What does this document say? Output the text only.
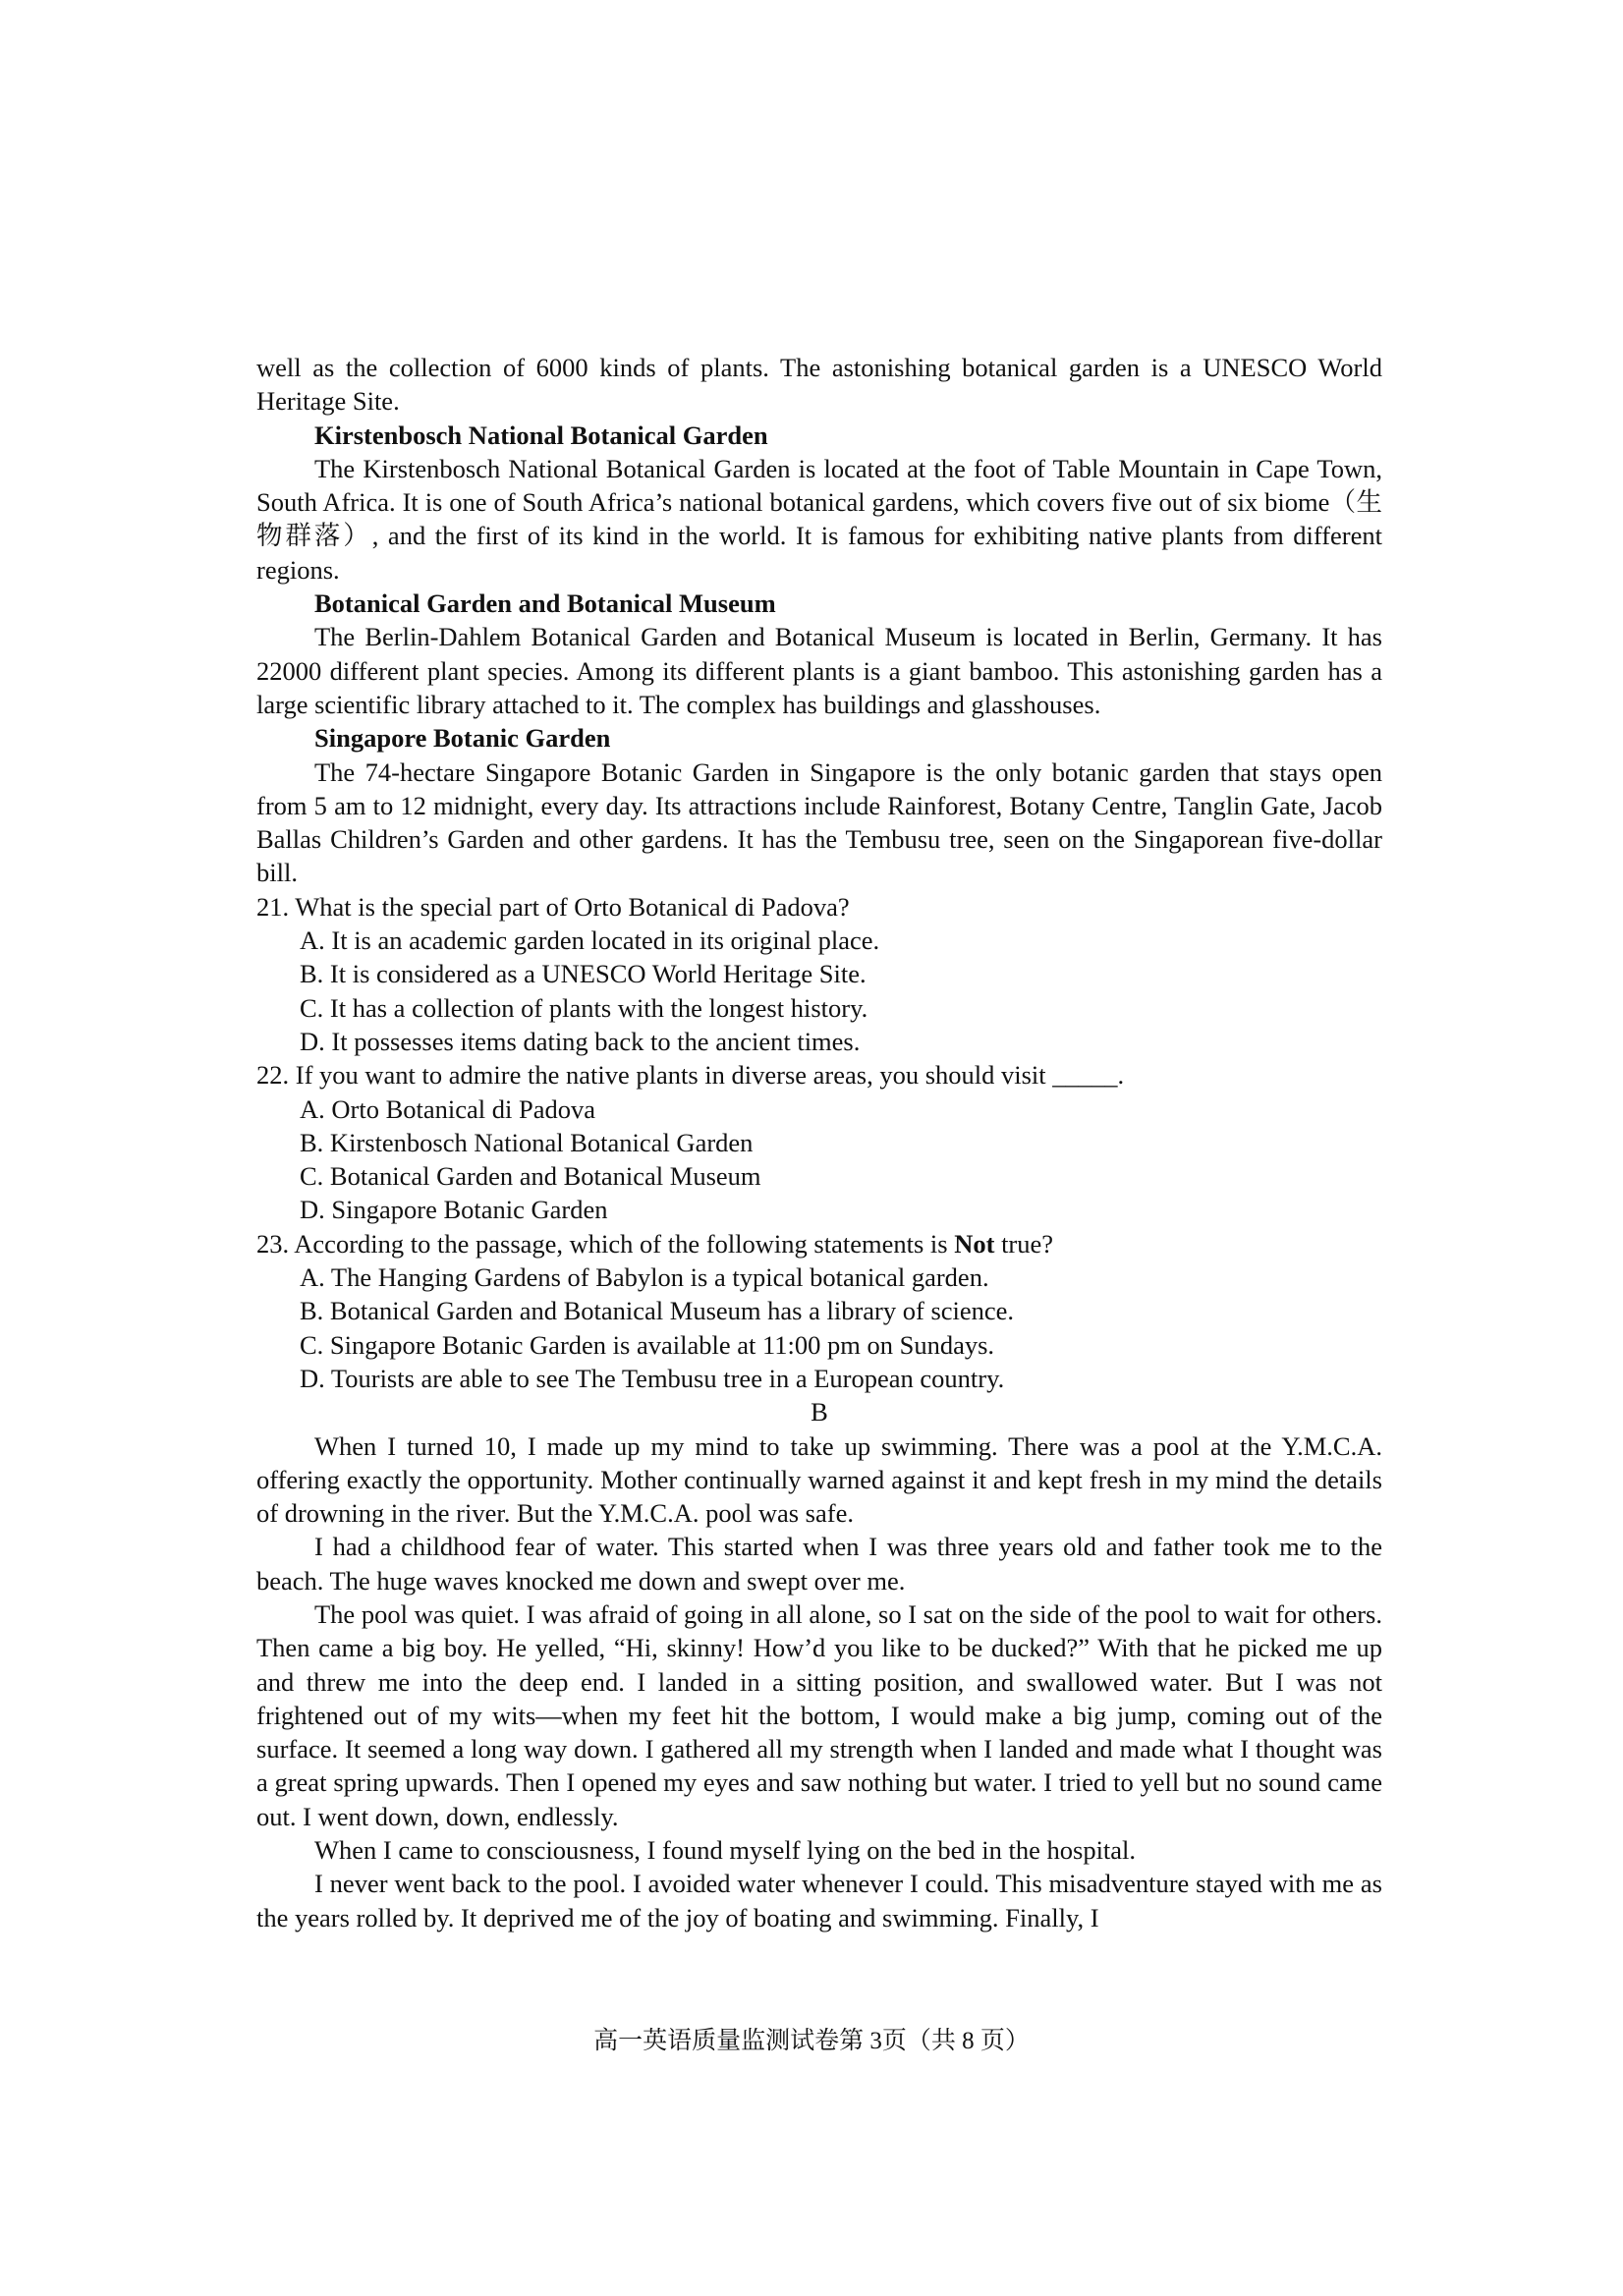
well as the collection of 6000 kinds of plants. The astonishing botanical garden is a UNESCO World Heritage Site.

Kirstenbosch National Botanical Garden

The Kirstenbosch National Botanical Garden is located at the foot of Table Mountain in Cape Town, South Africa. It is one of South Africa’s national botanical gardens, which covers five out of six biome（生物群落）, and the first of its kind in the world. It is famous for exhibiting native plants from different regions.

Botanical Garden and Botanical Museum

The Berlin-Dahlem Botanical Garden and Botanical Museum is located in Berlin, Germany. It has 22000 different plant species. Among its different plants is a giant bamboo. This astonishing garden has a large scientific library attached to it. The complex has buildings and glasshouses.

Singapore Botanic Garden

The 74-hectare Singapore Botanic Garden in Singapore is the only botanic garden that stays open from 5 am to 12 midnight, every day. Its attractions include Rainforest, Botany Centre, Tanglin Gate, Jacob Ballas Children’s Garden and other gardens. It has the Tembusu tree, seen on the Singaporean five-dollar bill.

21. What is the special part of Orto Botanical di Padova?

A. It is an academic garden located in its original place.

B. It is considered as a UNESCO World Heritage Site.

C. It has a collection of plants with the longest history.

D. It possesses items dating back to the ancient times.

22. If you want to admire the native plants in diverse areas, you should visit _____.

A. Orto Botanical di Padova

B. Kirstenbosch National Botanical Garden

C. Botanical Garden and Botanical Museum

D. Singapore Botanic Garden

23. According to the passage, which of the following statements is Not true?

A. The Hanging Gardens of Babylon is a typical botanical garden.

B. Botanical Garden and Botanical Museum has a library of science.

C. Singapore Botanic Garden is available at 11:00 pm on Sundays.

D. Tourists are able to see The Tembusu tree in a European country.

B

When I turned 10, I made up my mind to take up swimming. There was a pool at the Y.M.C.A. offering exactly the opportunity. Mother continually warned against it and kept fresh in my mind the details of drowning in the river. But the Y.M.C.A. pool was safe.

I had a childhood fear of water. This started when I was three years old and father took me to the beach. The huge waves knocked me down and swept over me.

The pool was quiet. I was afraid of going in all alone, so I sat on the side of the pool to wait for others. Then came a big boy. He yelled, “Hi, skinny! How’d you like to be ducked?” With that he picked me up and threw me into the deep end. I landed in a sitting position, and swallowed water. But I was not frightened out of my wits—when my feet hit the bottom, I would make a big jump, coming out of the surface. It seemed a long way down. I gathered all my strength when I landed and made what I thought was a great spring upwards. Then I opened my eyes and saw nothing but water. I tried to yell but no sound came out. I went down, down, endlessly.

When I came to consciousness, I found myself lying on the bed in the hospital.

I never went back to the pool. I avoided water whenever I could. This misadventure stayed with me as the years rolled by. It deprived me of the joy of boating and swimming. Finally, I

高一英语质量监测试卷第 3页（共 8 页）
